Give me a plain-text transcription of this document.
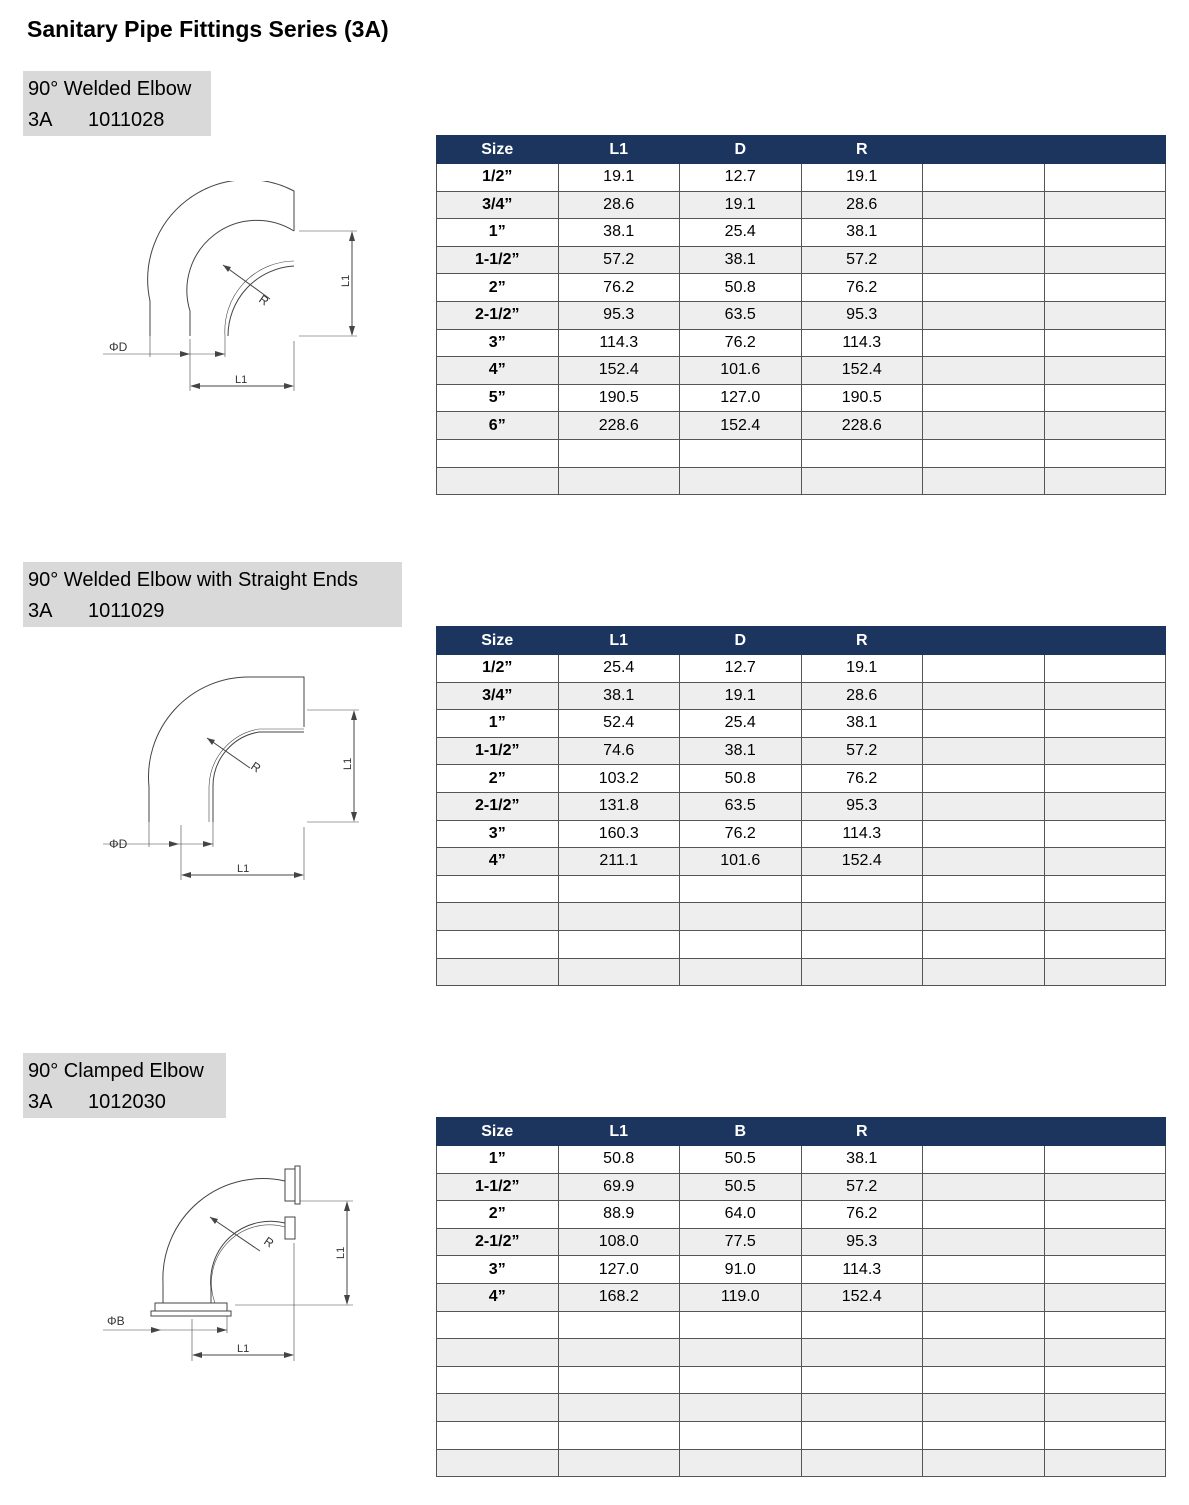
Sanitary Pipe Fittings Series (3A)
90° Welded Elbow
3A 1011028
R
L1
L1
ΦD
Size	L1	D	R		
1/2”	19.1	12.7	19.1		
3/4”	28.6	19.1	28.6		
1”	38.1	25.4	38.1		
1-1/2”	57.2	38.1	57.2		
2”	76.2	50.8	76.2		
2-1/2”	95.3	63.5	95.3		
3”	114.3	76.2	114.3		
4”	152.4	101.6	152.4		
5”	190.5	127.0	190.5		
6”	228.6	152.4	228.6		

90° Welded Elbow with Straight Ends
3A 1011029
R	L1
L1
ΦD
Size	L1	D	R		
1/2”	25.4	12.7	19.1		
3/4”	38.1	19.1	28.6		
1”	52.4	25.4	38.1		
1-1/2”	74.6	38.1	57.2		
2”	103.2	50.8	76.2		
2-1/2”	131.8	63.5	95.3		
3”	160.3	76.2	114.3		
4”	211.1	101.6	152.4		

90° Clamped Elbow
3A 1012030
R
L1
L1
ΦB
Size	L1	B	R		
1”	50.8	50.5	38.1		
1-1/2”	69.9	50.5	57.2		
2”	88.9	64.0	76.2		
2-1/2”	108.0	77.5	95.3		
3”	127.0	91.0	114.3		
4”	168.2	119.0	152.4		
